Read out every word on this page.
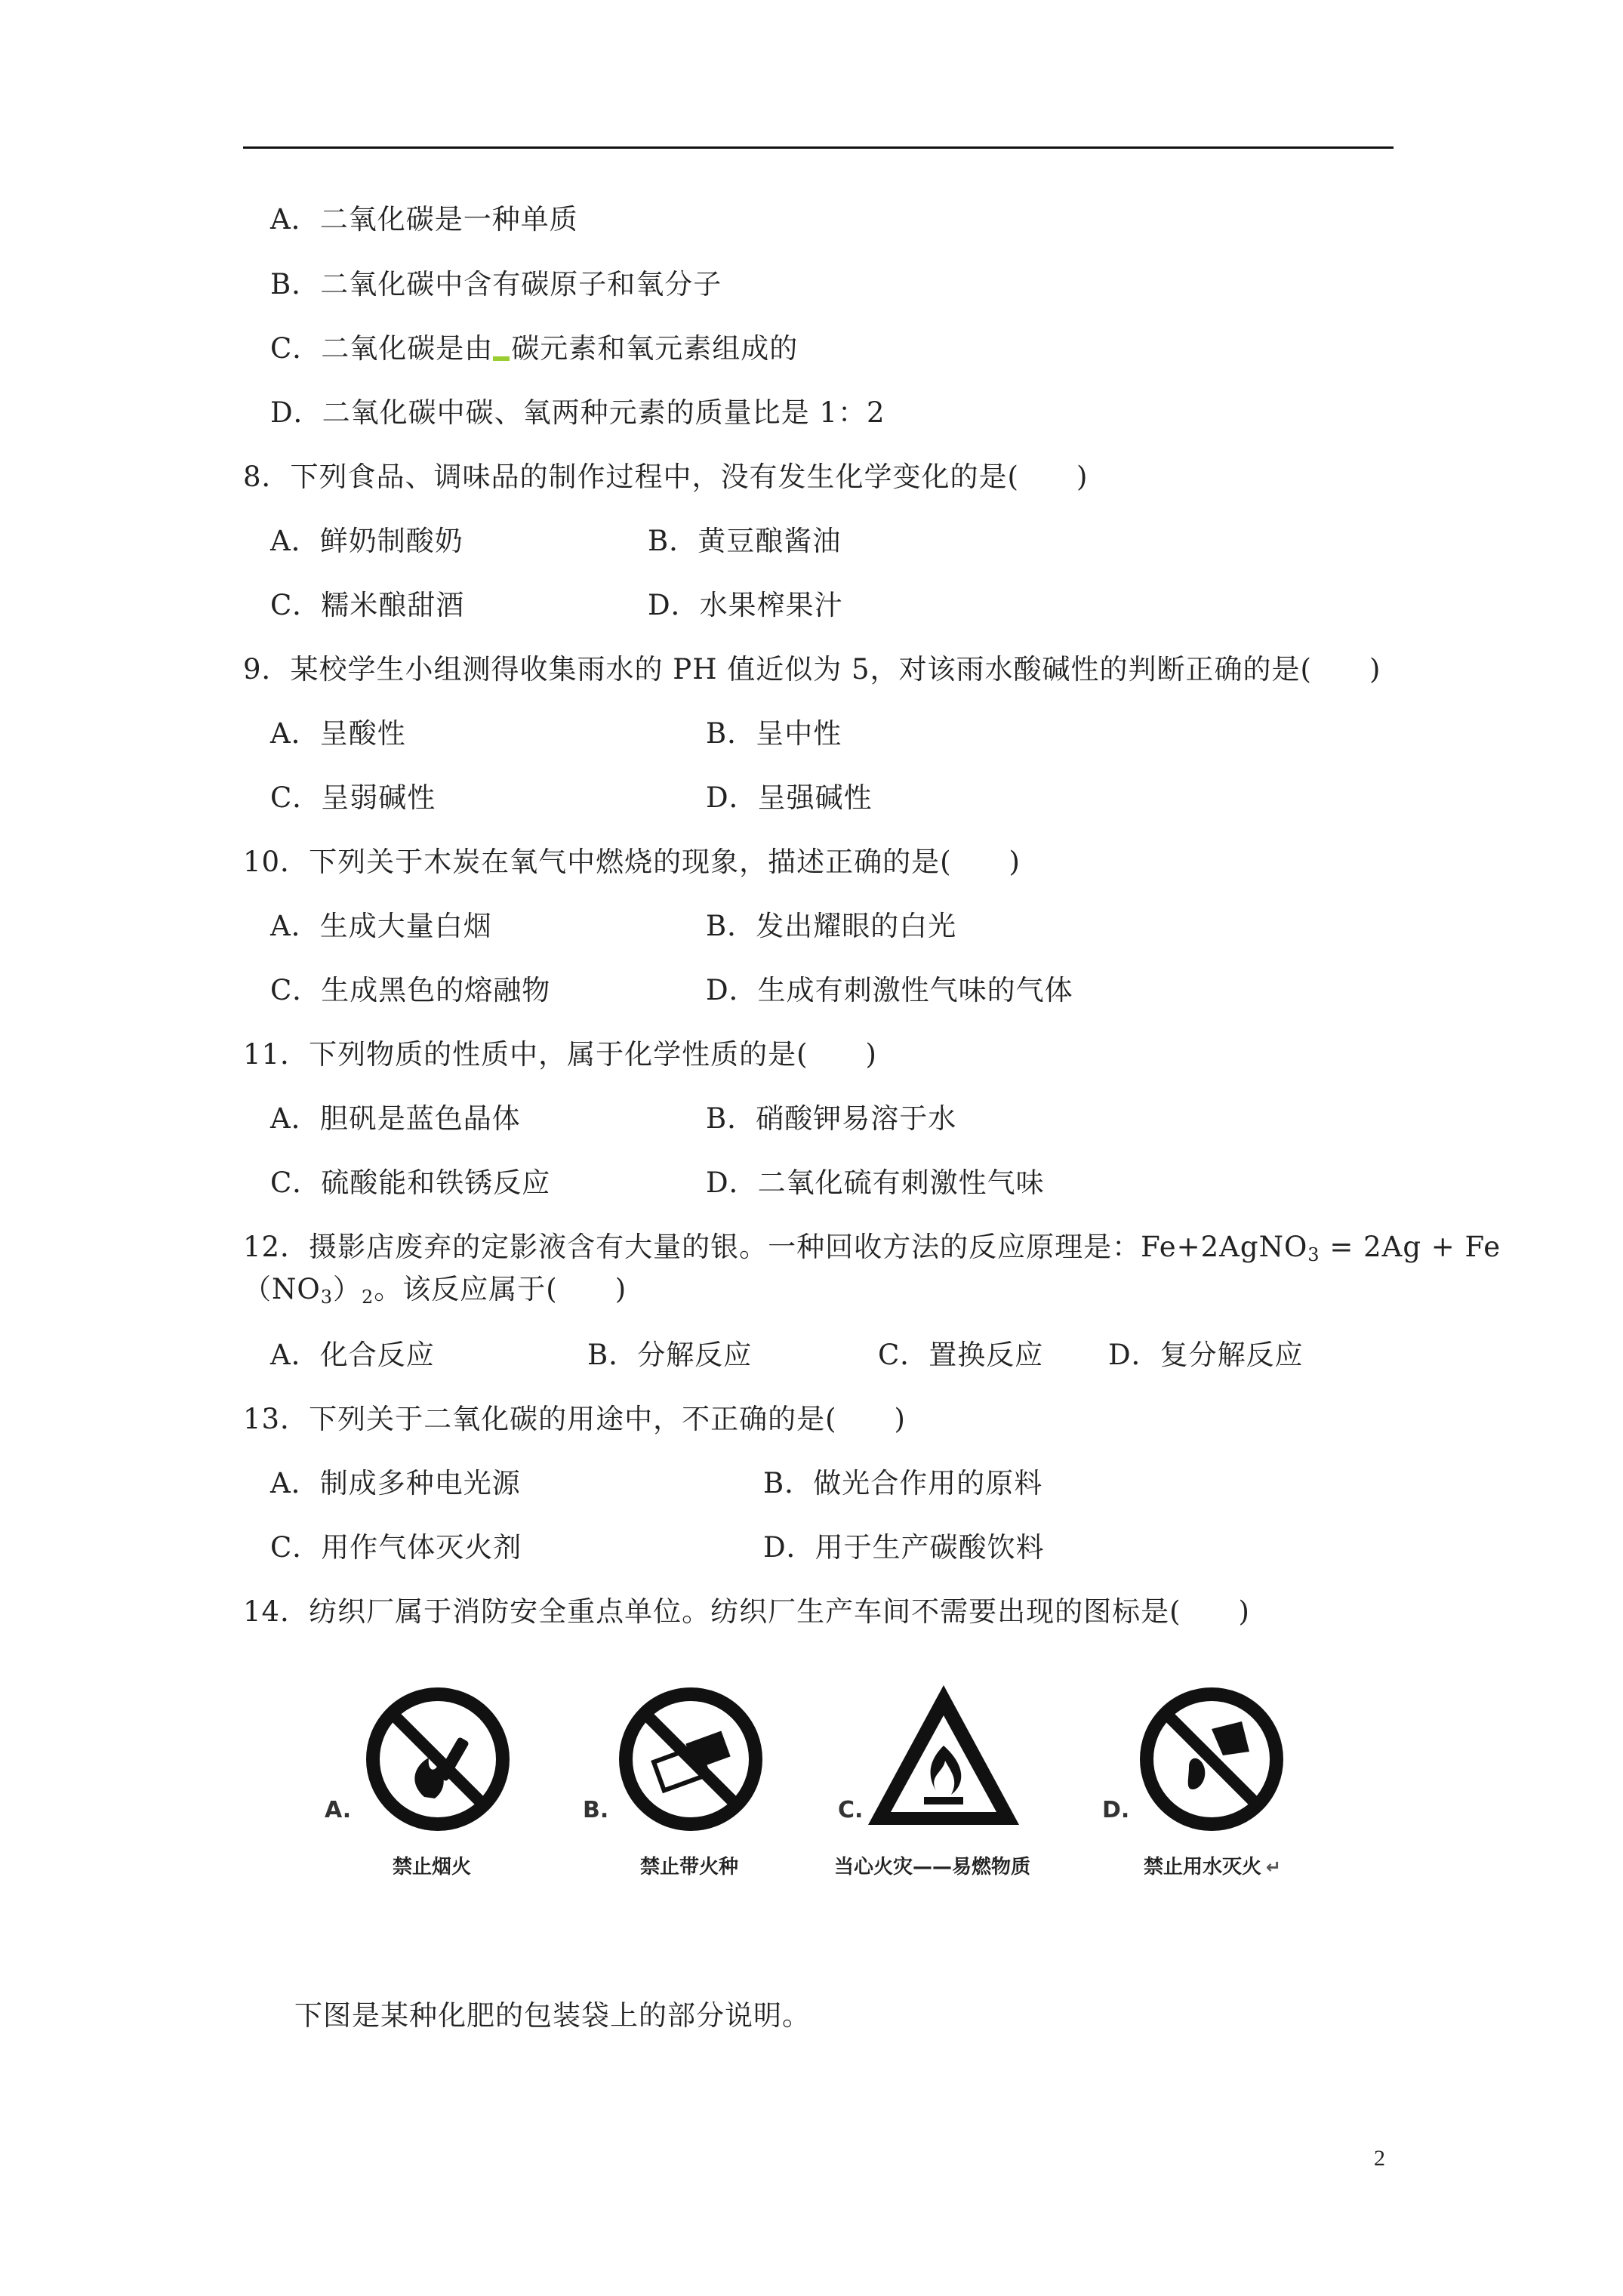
A．二氧化碳是一种单质
B．二氧化碳中含有碳原子和氧分子
C．二氧化碳是由 碳元素和氧元素组成的
D．二氧化碳中碳、氧两种元素的质量比是 1：2
8．下列食品、调味品的制作过程中，没有发生化学变化的是(　　)
A．鲜奶制酸奶	B．黄豆酿酱油
C．糯米酿甜酒	D．水果榨果汁
9．某校学生小组测得收集雨水的 PH 值近似为 5，对该雨水酸碱性的判断正确的是(　　)
A．呈酸性	B．呈中性
C．呈弱碱性	D．呈强碱性
10．下列关于木炭在氧气中燃烧的现象，描述正确的是(　　)
A．生成大量白烟	B．发出耀眼的白光
C．生成黑色的熔融物	D．生成有刺激性气味的气体
11．下列物质的性质中，属于化学性质的是(　　)
A．胆矾是蓝色晶体	B．硝酸钾易溶于水
C．硫酸能和铁锈反应	D．二氧化硫有刺激性气味
12．摄影店废弃的定影液含有大量的银。一种回收方法的反应原理是：Fe+2AgNO$_3$ = 2Ag + Fe
$(NO_3)_2$。该反应属于(　　)
A．化合反应	B．分解反应	C．置换反应 D．复分解反应
13．下列关于二氧化碳的用途中，不正确的是(　　)
A．制成多种电光源	B．做光合作用的原料
C．用作气体灭火剂	D．用于生产碳酸饮料
14．纺织厂属于消防安全重点单位。纺织厂生产车间不需要出现的图标是(　　)
A.
禁止烟火
B.
禁止带火种
C.
当心火灾——易燃物质
D.
禁止用水灭火 ↵
下图是某种化肥的包装袋上的部分说明。
2
